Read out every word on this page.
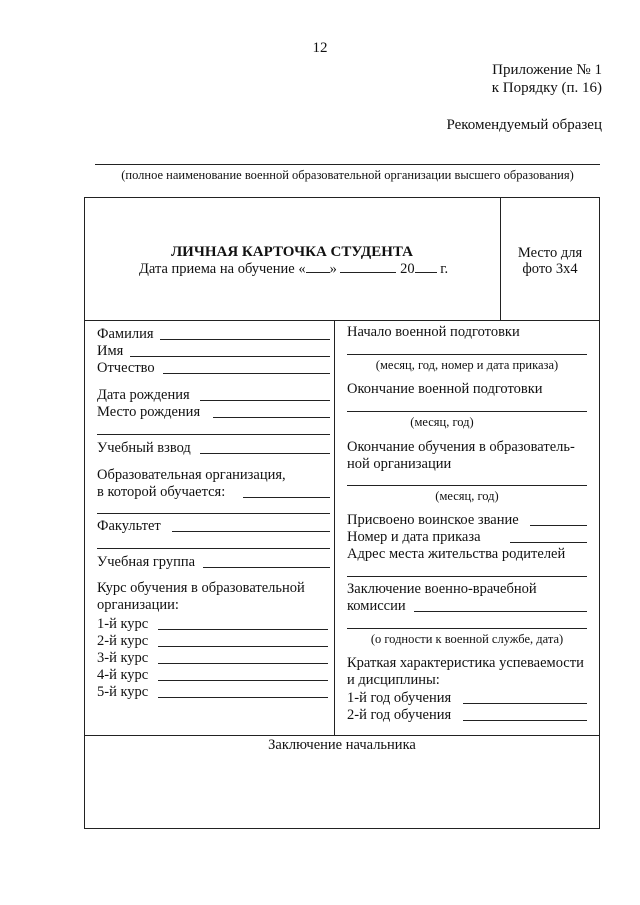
12
Приложение № 1
к Порядку (п. 16)
Рекомендуемый образец
(полное наименование военной образовательной организации высшего образования)
ЛИЧНАЯ КАРТОЧКА СТУДЕНТА
Дата приема на обучение « »	20 г.
Место для
фото 3х4
Фамилия
Имя
Отчество
Дата рождения
Место рождения
Учебный взвод
Образовательная организация,
в которой обучается:
Факультет
Учебная группа
Курс обучения в образовательной
организации:
1-й курс
2-й курс
3-й курс
4-й курс
5-й курс
Начало военной подготовки
(месяц, год, номер и дата приказа)
Окончание военной подготовки
(месяц, год)
Окончание обучения в образователь-
ной организации
(месяц, год)
Присвоено воинское звание
Номер и дата приказа
Адрес места жительства родителей
Заключение военно-врачебной
комиссии
(о годности к военной службе, дата)
Краткая характеристика успеваемости
и дисциплины:
1-й год обучения
2-й год обучения
Заключение начальника
